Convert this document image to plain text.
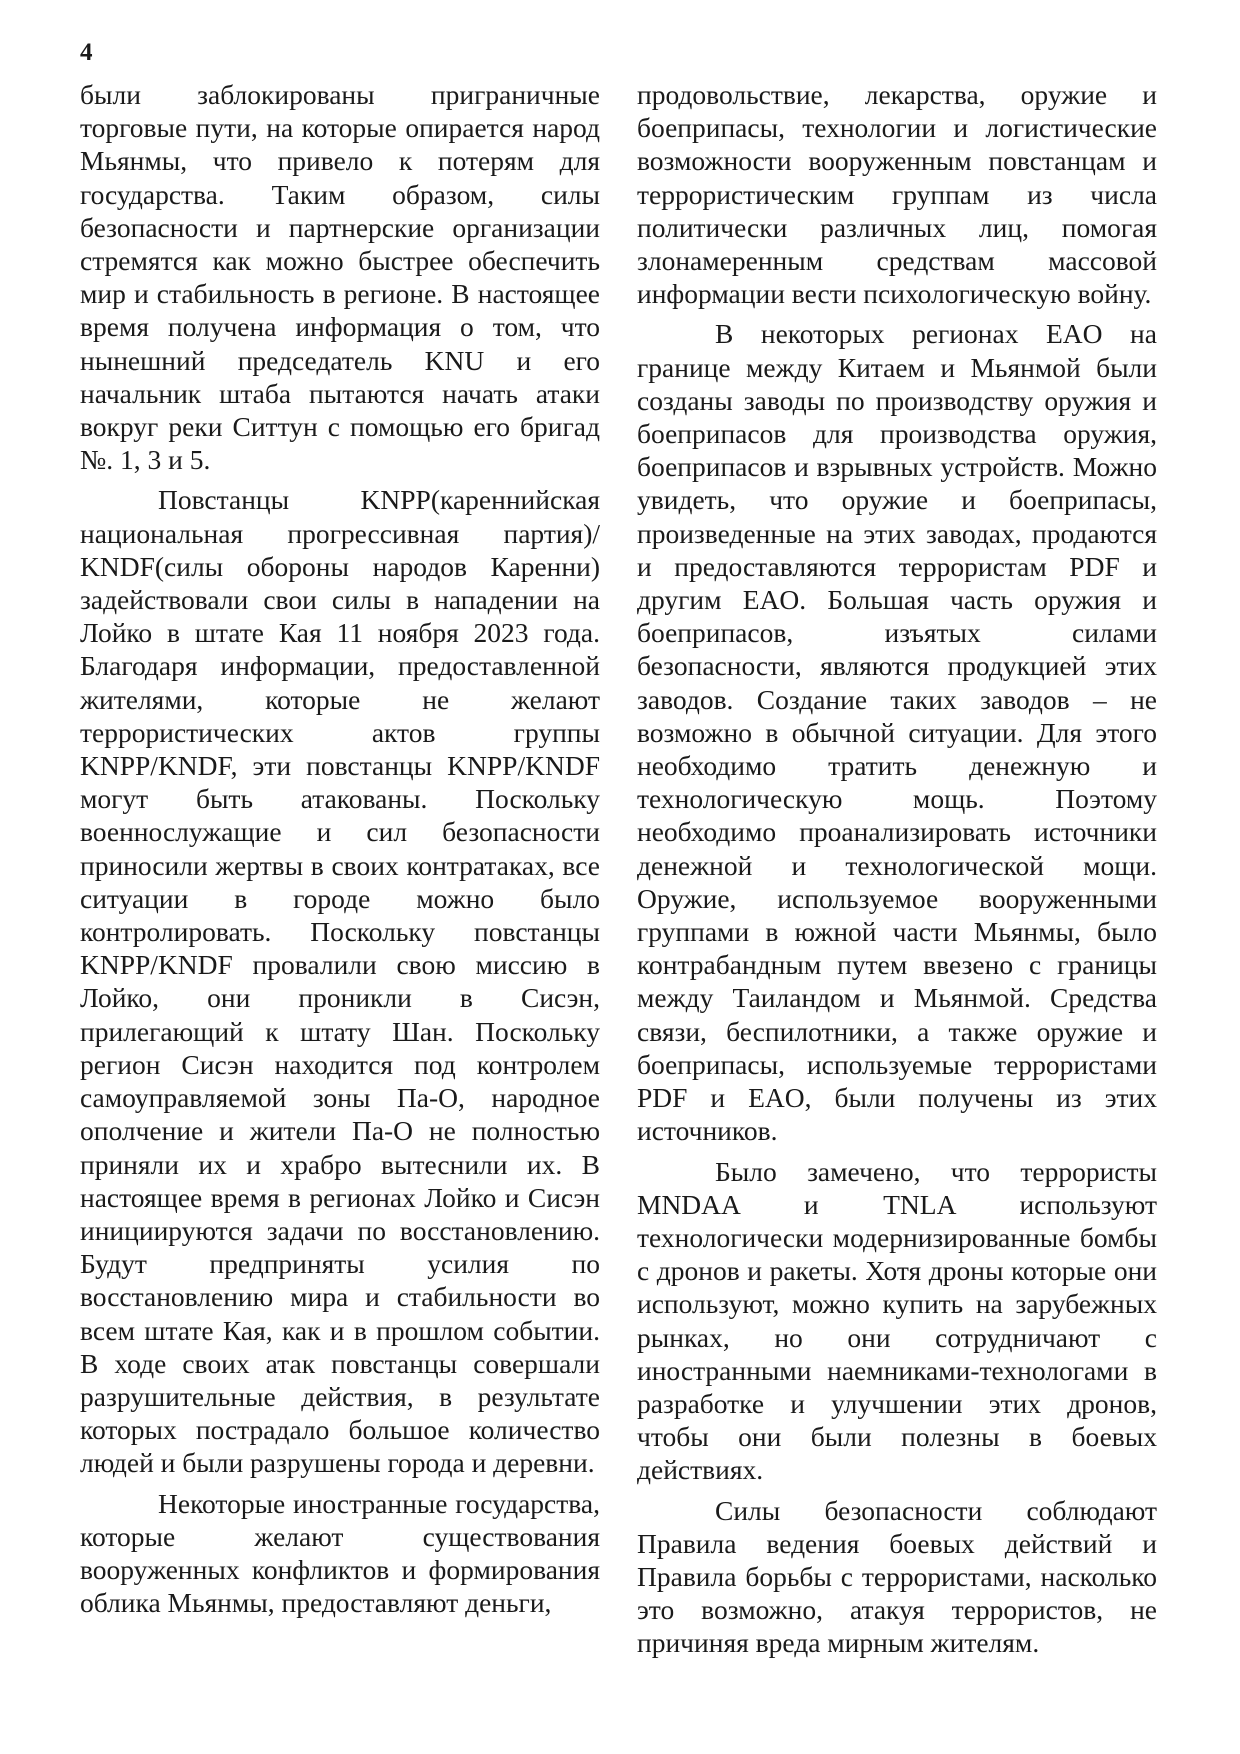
4

были заблокированы приграничные торговые пути, на которые опирается народ Мьянмы, что привело к потерям для государства. Таким образом, силы безопасности и партнерские организации стремятся как можно быстрее обеспечить мир и стабильность в регионе. В настоящее время получена информация о том, что нынешний председатель KNU и его начальник штаба пытаются начать атаки вокруг реки Ситтун с помощью его бригад №. 1, 3 и 5.

Повстанцы KNPP(кареннийская национальная прогрессивная партия)/ KNDF(силы обороны народов Каренни) задействовали свои силы в нападении на Лойко в штате Кая 11 ноября 2023 года. Благодаря информации, предоставленной жителями, которые не желают террористических актов группы KNPP/KNDF, эти повстанцы KNPP/KNDF могут быть атакованы. Поскольку военнослужащие и сил безопасности приносили жертвы в своих контратаках, все ситуации в городе можно было контролировать. Поскольку повстанцы KNPP/KNDF провалили свою миссию в Лойко, они проникли в Сисэн, прилегающий к штату Шан. Поскольку регион Сисэн находится под контролем самоуправляемой зоны Па-О, народное ополчение и жители Па-О не полностью приняли их и храбро вытеснили их. В настоящее время в регионах Лойко и Сисэн инициируются задачи по восстановлению. Будут предприняты усилия по восстановлению мира и стабильности во всем штате Кая, как и в прошлом событии. В ходе своих атак повстанцы совершали разрушительные действия, в результате которых пострадало большое количество людей и были разрушены города и деревни.

Некоторые иностранные государства, которые желают существования вооруженных конфликтов и формирования облика Мьянмы, предоставляют деньги,

продовольствие, лекарства, оружие и боеприпасы, технологии и логистические возможности вооруженным повстанцам и террористическим группам из числа политически различных лиц, помогая злонамеренным средствам массовой информации вести психологическую войну.

В некоторых регионах EAO на границе между Китаем и Мьянмой были созданы заводы по производству оружия и боеприпасов для производства оружия, боеприпасов и взрывных устройств. Можно увидеть, что оружие и боеприпасы, произведенные на этих заводах, продаются и предоставляются террористам PDF и другим EAO. Большая часть оружия и боеприпасов, изъятых силами безопасности, являются продукцией этих заводов. Создание таких заводов – не возможно в обычной ситуации. Для этого необходимо тратить денежную и технологическую мощь. Поэтому необходимо проанализировать источники денежной и технологической мощи. Оружие, используемое вооруженными группами в южной части Мьянмы, было контрабандным путем ввезено с границы между Таиландом и Мьянмой. Средства связи, беспилотники, а также оружие и боеприпасы, используемые террористами PDF и EAO, были получены из этих источников.

Было замечено, что террористы MNDAA и TNLA используют технологически модернизированные бомбы с дронов и ракеты. Хотя дроны которые они используют, можно купить на зарубежных рынках, но они сотрудничают с иностранными наемниками-технологами в разработке и улучшении этих дронов, чтобы они были полезны в боевых действиях.

Силы безопасности соблюдают Правила ведения боевых действий и Правила борьбы с террористами, насколько это возможно, атакуя террористов, не причиняя вреда мирным жителям.
